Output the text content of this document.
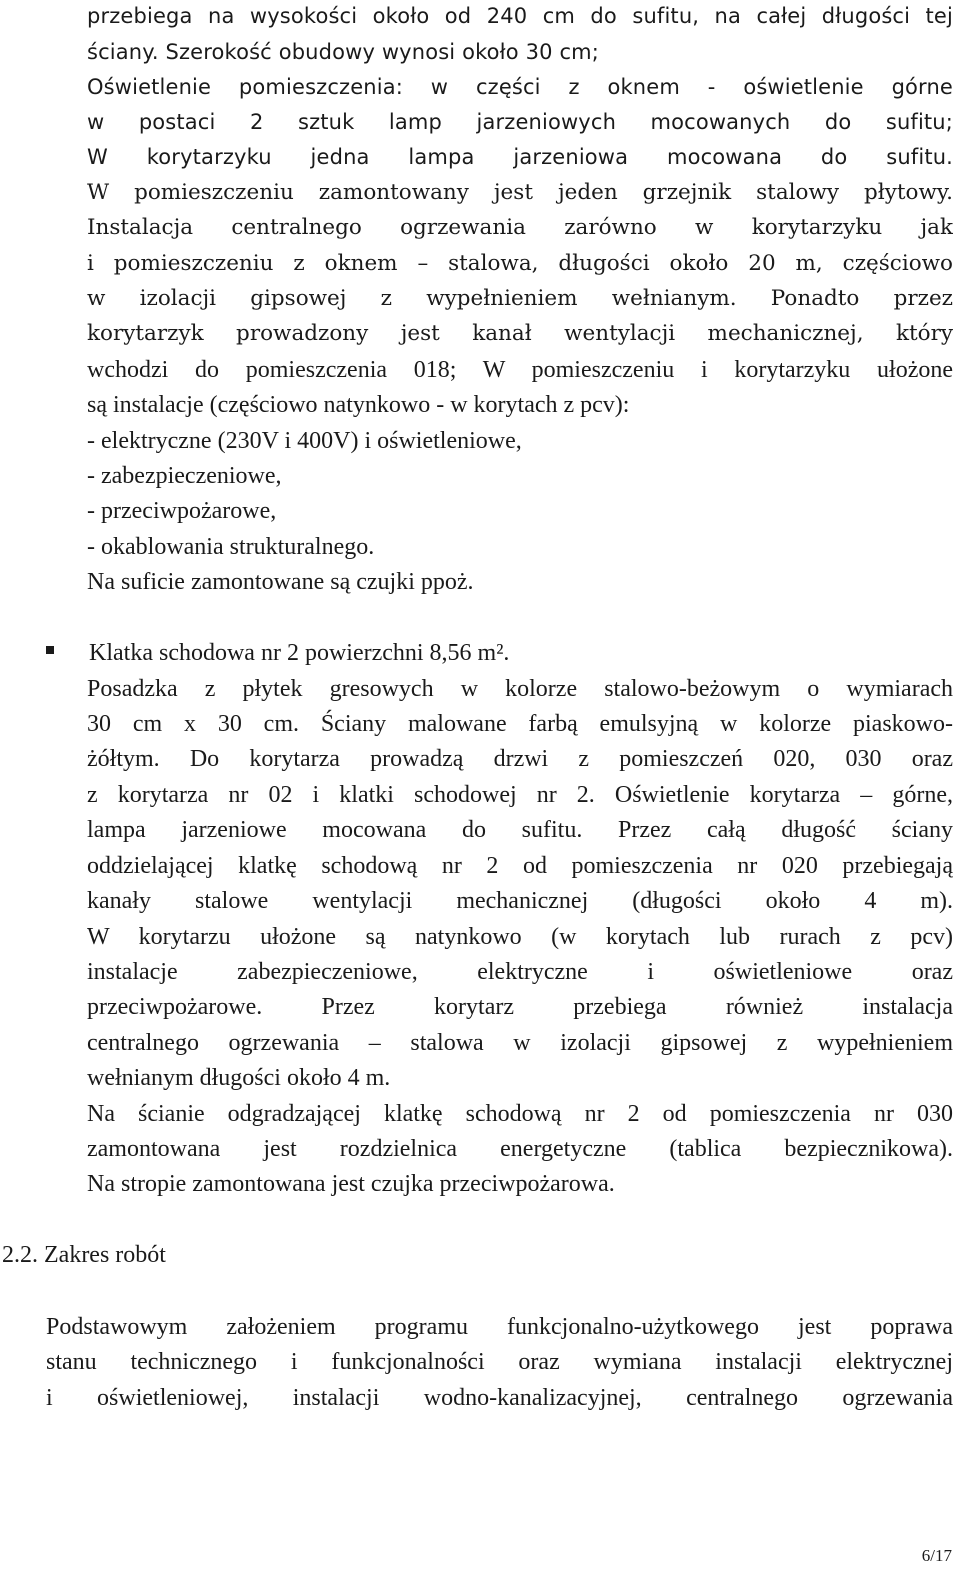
przebiega na wysokości około od 240 cm do sufitu, na całej długości tej
ściany. Szerokość obudowy wynosi około 30 cm;
Oświetlenie pomieszczenia: w części z oknem - oświetlenie górne
w postaci 2 sztuk lamp jarzeniowych mocowanych do sufitu;
W korytarzyku jedna lampa jarzeniowa mocowana do sufitu.
W pomieszczeniu zamontowany jest jeden grzejnik stalowy płytowy.
Instalacja centralnego ogrzewania zarówno w korytarzyku jak
i pomieszczeniu z oknem – stalowa, długości około 20 m, częściowo
w izolacji gipsowej z wypełnieniem wełnianym. Ponadto przez
korytarzyk prowadzony jest kanał wentylacji mechanicznej, który
wchodzi do pomieszczenia 018; W pomieszczeniu i korytarzyku ułożone
są instalacje (częściowo natynkowo - w korytach z pcv):
- elektryczne (230V i 400V) i oświetleniowe,
- zabezpieczeniowe,
- przeciwpożarowe,
- okablowania strukturalnego.
Na suficie zamontowane są czujki ppoż.
Klatka schodowa nr 2 powierzchni 8,56 m².
Posadzka z płytek gresowych w kolorze stalowo-beżowym o wymiarach
30 cm x 30 cm. Ściany malowane farbą emulsyjną w kolorze piaskowo-
żółtym. Do korytarza prowadzą drzwi z pomieszczeń 020, 030 oraz
z korytarza nr 02 i klatki schodowej nr 2. Oświetlenie korytarza – górne,
lampa jarzeniowe mocowana do sufitu. Przez całą długość ściany
oddzielającej klatkę schodową nr 2 od pomieszczenia nr 020 przebiegają
kanały stalowe wentylacji mechanicznej (długości około 4 m).
W korytarzu ułożone są natynkowo (w korytach lub rurach z pcv)
instalacje zabezpieczeniowe, elektryczne i oświetleniowe oraz
przeciwpożarowe. Przez korytarz przebiega również instalacja
centralnego ogrzewania – stalowa w izolacji gipsowej z wypełnieniem
wełnianym długości około 4 m.
Na ścianie odgradzającej klatkę schodową nr 2 od pomieszczenia nr 030
zamontowana jest rozdzielnica energetyczne (tablica bezpiecznikowa).
Na stropie zamontowana jest czujka przeciwpożarowa.
2.2. Zakres robót
Podstawowym założeniem programu funkcjonalno-użytkowego jest poprawa
stanu technicznego i funkcjonalności oraz wymiana instalacji elektrycznej
i oświetleniowej, instalacji wodno-kanalizacyjnej, centralnego ogrzewania
6/17
